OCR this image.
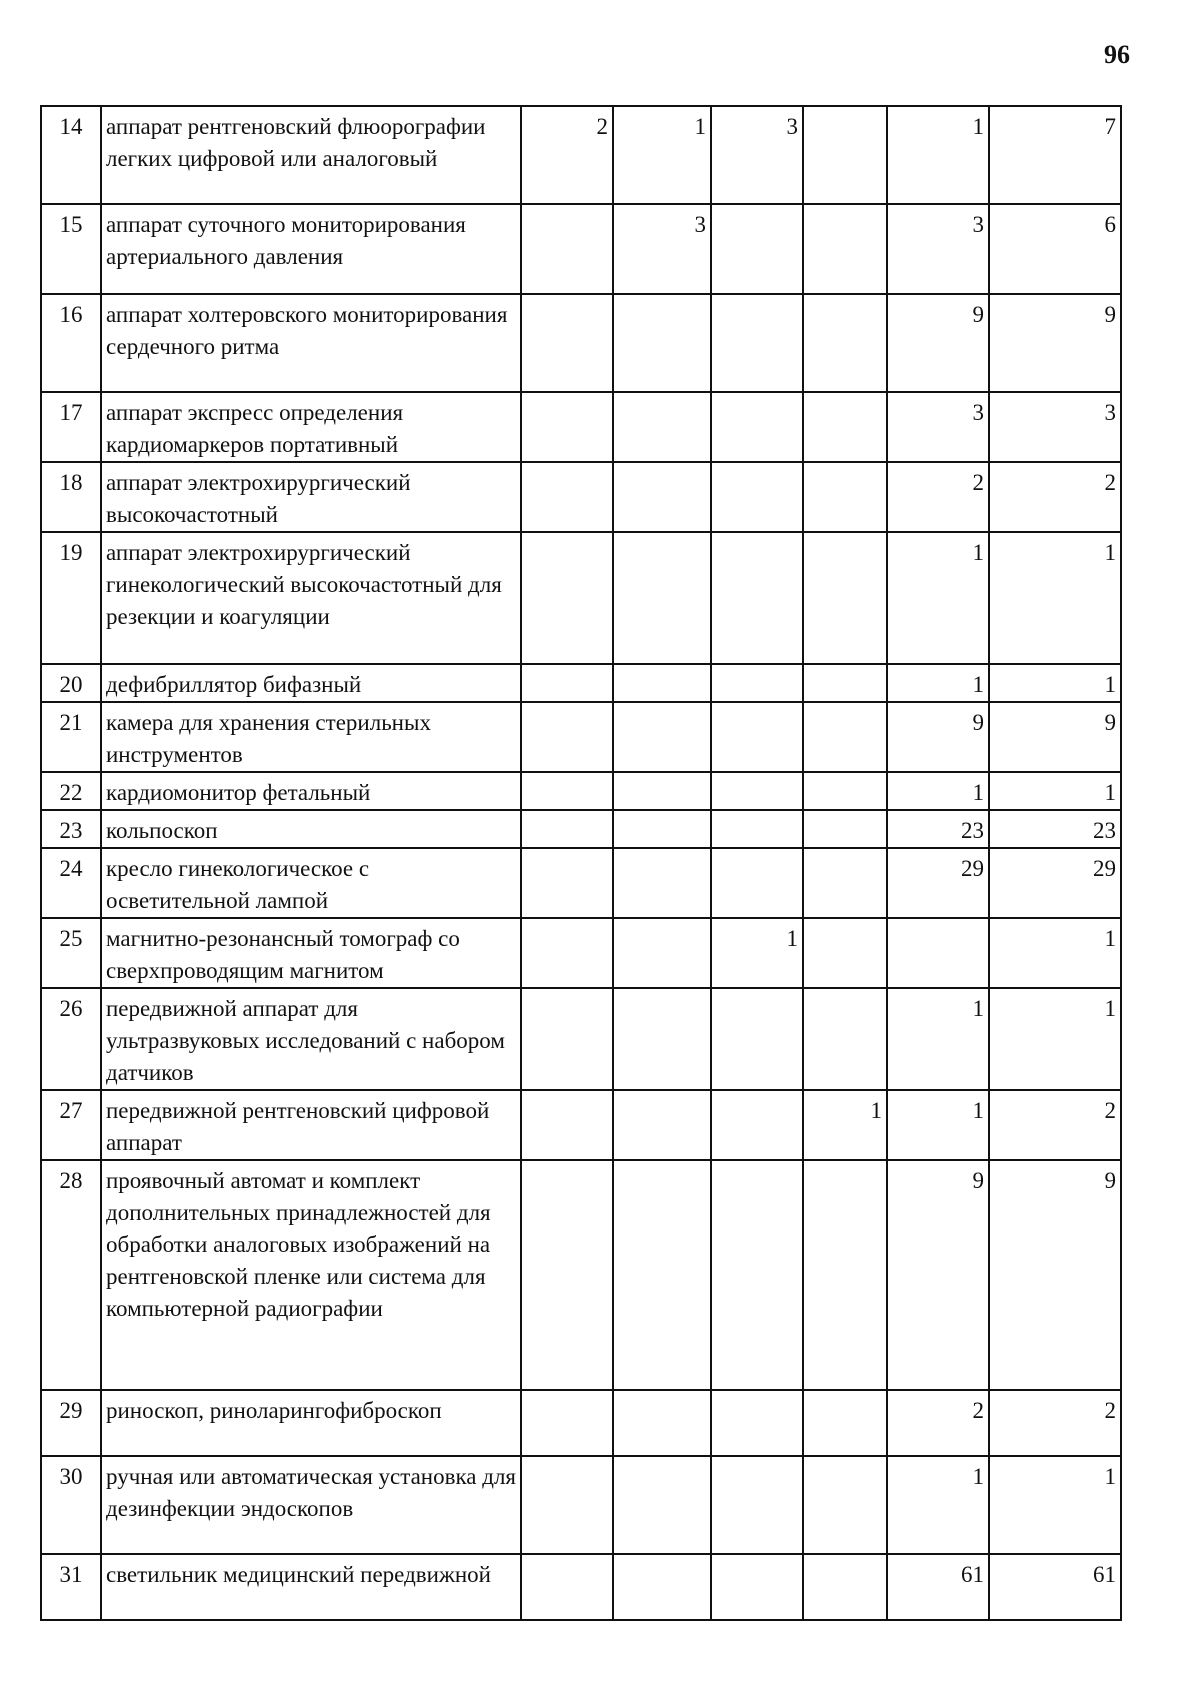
96
14	аппарат рентгеновский флюорографии легких цифровой или аналоговый	2	1	3		1	7
15	аппарат суточного мониторирования артериального давления		3			3	6
16	аппарат холтеровского мониторирования сердечного ритма					9	9
17	аппарат экспресс определения кардиомаркеров портативный					3	3
18	аппарат электрохирургический высокочастотный					2	2
19	аппарат электрохирургический гинекологический высокочастотный для резекции и коагуляции					1	1
20	дефибриллятор бифазный					1	1
21	камера для хранения стерильных инструментов					9	9
22	кардиомонитор фетальный					1	1
23	кольпоскоп					23	23
24	кресло гинекологическое с осветительной лампой					29	29
25	магнитно-резонансный томограф со сверхпроводящим магнитом			1			1
26	передвижной аппарат для ультразвуковых исследований с набором датчиков					1	1
27	передвижной рентгеновский цифровой аппарат				1	1	2
28	проявочный автомат и комплект дополнительных принадлежностей для обработки аналоговых изображений на рентгеновской пленке или система для компьютерной радиографии					9	9
29	риноскоп, риноларингофиброскоп					2	2
30	ручная или автоматическая установка для дезинфекции эндоскопов					1	1
31	светильник медицинский передвижной					61	61
